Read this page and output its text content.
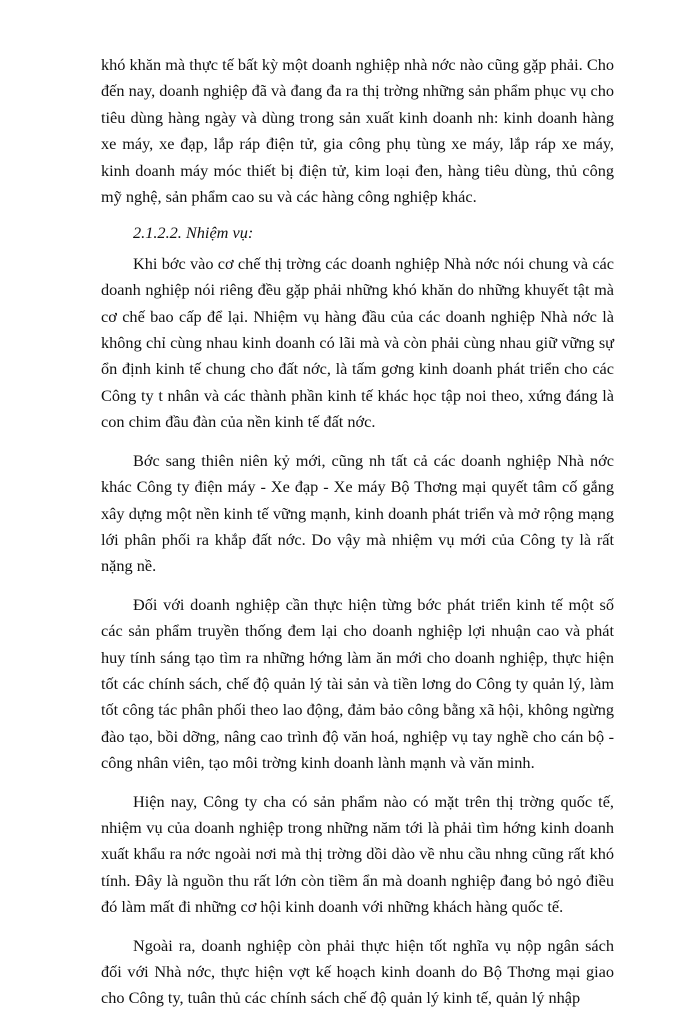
khó khăn mà thực tế bất kỳ một doanh nghiệp nhà nớc nào cũng gặp phải. Cho đến nay, doanh nghiệp đã và đang đa ra thị trờng những sản phẩm phục vụ cho tiêu dùng hàng ngày và dùng trong sản xuất kinh doanh nh: kinh doanh hàng xe máy, xe đạp, lắp ráp điện tử, gia công phụ tùng xe máy, lắp ráp xe máy, kinh doanh máy móc thiết bị điện tử, kim loại đen, hàng tiêu dùng, thủ công mỹ nghệ, sản phẩm cao su và các hàng công nghiệp khác.

2.1.2.2. Nhiệm vụ:

Khi bớc vào cơ chế thị trờng các doanh nghiệp Nhà nớc nói chung và các doanh nghiệp nói riêng đều gặp phải những khó khăn do những khuyết tật mà cơ chế bao cấp để lại. Nhiệm vụ hàng đầu của các doanh nghiệp Nhà nớc là không chỉ cùng nhau kinh doanh có lãi mà và còn phải cùng nhau giữ vững sự ổn định kinh tế chung cho đất nớc, là tấm gơng kinh doanh phát triển cho các Công ty t nhân và các thành phần kinh tế khác học tập noi theo, xứng đáng là con chim đầu đàn của nền kinh tế đất nớc.

Bớc sang thiên niên kỷ mới, cũng nh tất cả các doanh nghiệp Nhà nớc khác Công ty điện máy - Xe đạp - Xe máy Bộ Thơng mại quyết tâm cố gắng xây dựng một nền kinh tế vững mạnh, kinh doanh phát triển và mở rộng mạng lới phân phối ra khắp đất nớc. Do vậy mà nhiệm vụ mới của Công ty là rất nặng nề.

Đối với doanh nghiệp cần thực hiện từng bớc phát triển kinh tế một số các sản phẩm truyền thống đem lại cho doanh nghiệp lợi nhuận cao và phát huy tính sáng tạo tìm ra những hớng làm ăn mới cho doanh nghiệp, thực hiện tốt các chính sách, chế độ quản lý tài sản và tiền lơng do Công ty quản lý, làm tốt công tác phân phối theo lao động, đảm bảo công bằng xã hội, không ngừng đào tạo, bồi dỡng, nâng cao trình độ văn hoá, nghiệp vụ tay nghề cho cán bộ - công nhân viên, tạo môi trờng kinh doanh lành mạnh và văn minh.

Hiện nay, Công ty cha có sản phẩm nào có mặt trên thị trờng quốc tế, nhiệm vụ của doanh nghiệp trong những năm tới là phải tìm hớng kinh doanh xuất khẩu ra nớc ngoài nơi mà thị trờng dồi dào về nhu cầu nhng cũng rất khó tính. Đây là nguồn thu rất lớn còn tiềm ẩn mà doanh nghiệp đang bỏ ngỏ điều đó làm mất đi những cơ hội kinh doanh với những khách hàng quốc tế.

Ngoài ra, doanh nghiệp còn phải thực hiện tốt nghĩa vụ nộp ngân sách đối với Nhà nớc, thực hiện vợt kế hoạch kinh doanh do Bộ Thơng mại giao cho Công ty, tuân thủ các chính sách chế độ quản lý kinh tế, quản lý nhập
